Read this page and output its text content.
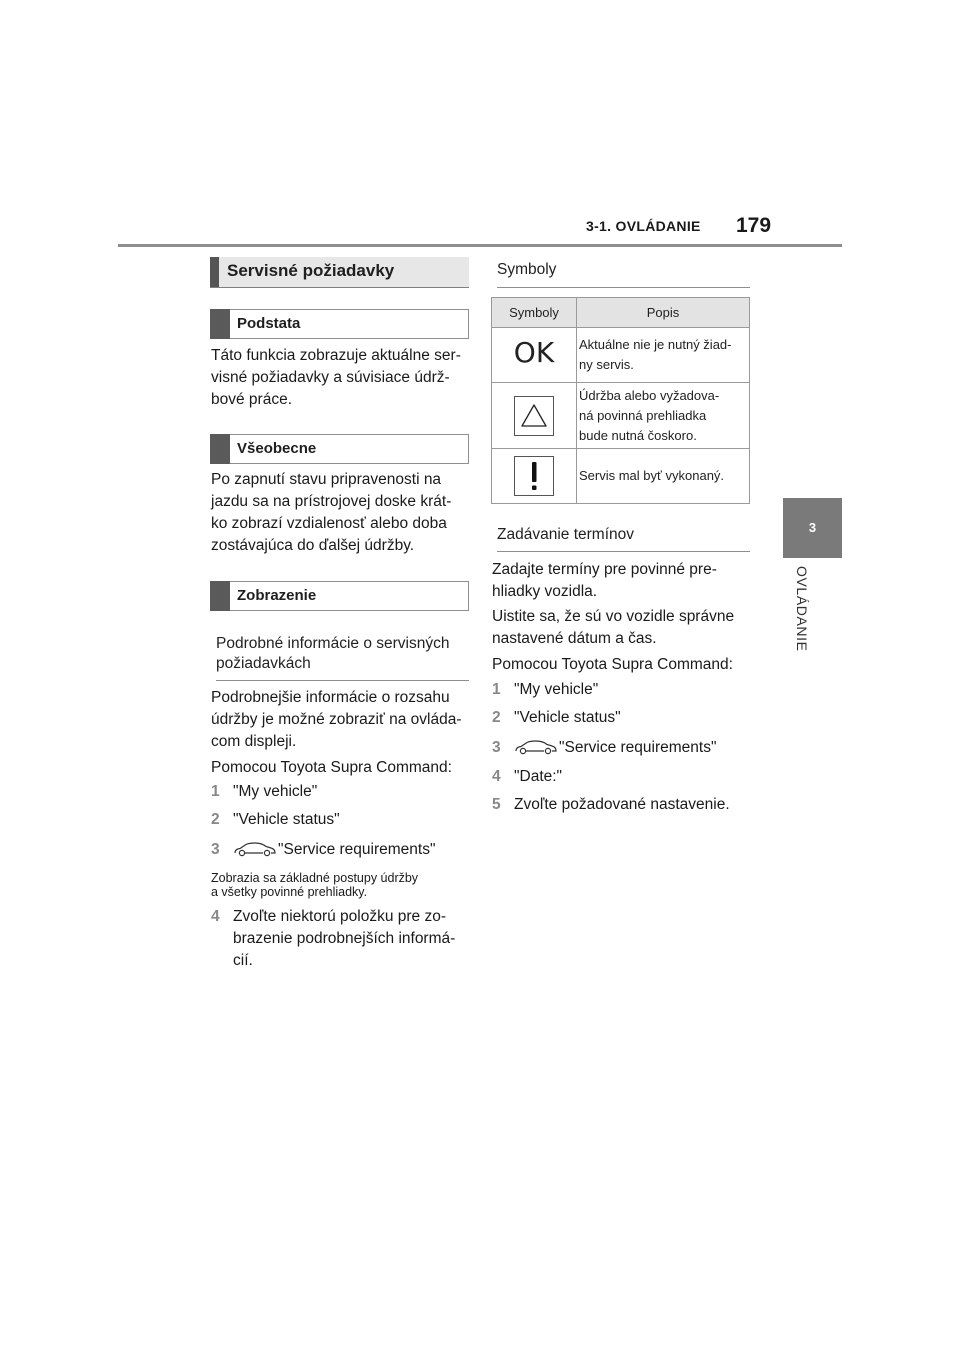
3-1. OVLÁDANIE 179
3
OVLÁDANIE
Servisné požiadavky
Podstata
Táto funkcia zobrazuje aktuálne ser-
visné požiadavky a súvisiace údrž-
bové práce.
Všeobecne
Po zapnutí stavu pripravenosti na
jazdu sa na prístrojovej doske krát-
ko zobrazí vzdialenosť alebo doba
zostávajúca do ďalšej údržby.
Zobrazenie
Podrobné informácie o servisných
požiadavkách
Podrobnejšie informácie o rozsahu
údržby je možné zobraziť na ovláda-
com displeji.
Pomocou Toyota Supra Command:
1 "My vehicle"
2 "Vehicle status"
3	"Service requirements"
Zobrazia sa základné postupy údržby
a všetky povinné prehliadky.
4 Zvoľte niektorú položku pre zo-
brazenie podrobnejších informá-
cií.
Symboly
Symboly	Popis
OK	Aktuálne nie je nutný žiad-
ny servis.

Údržba alebo vyžadova-
ná povinná prehliadka
bude nutná čoskoro.

Servis mal byť vykonaný.
Zadávanie termínov
Zadajte termíny pre povinné pre-
hliadky vozidla.
Uistite sa, že sú vo vozidle správne
nastavené dátum a čas.
Pomocou Toyota Supra Command:
1 "My vehicle"
2 "Vehicle status"
3	"Service requirements"
4 "Date:"
5 Zvoľte požadované nastavenie.
